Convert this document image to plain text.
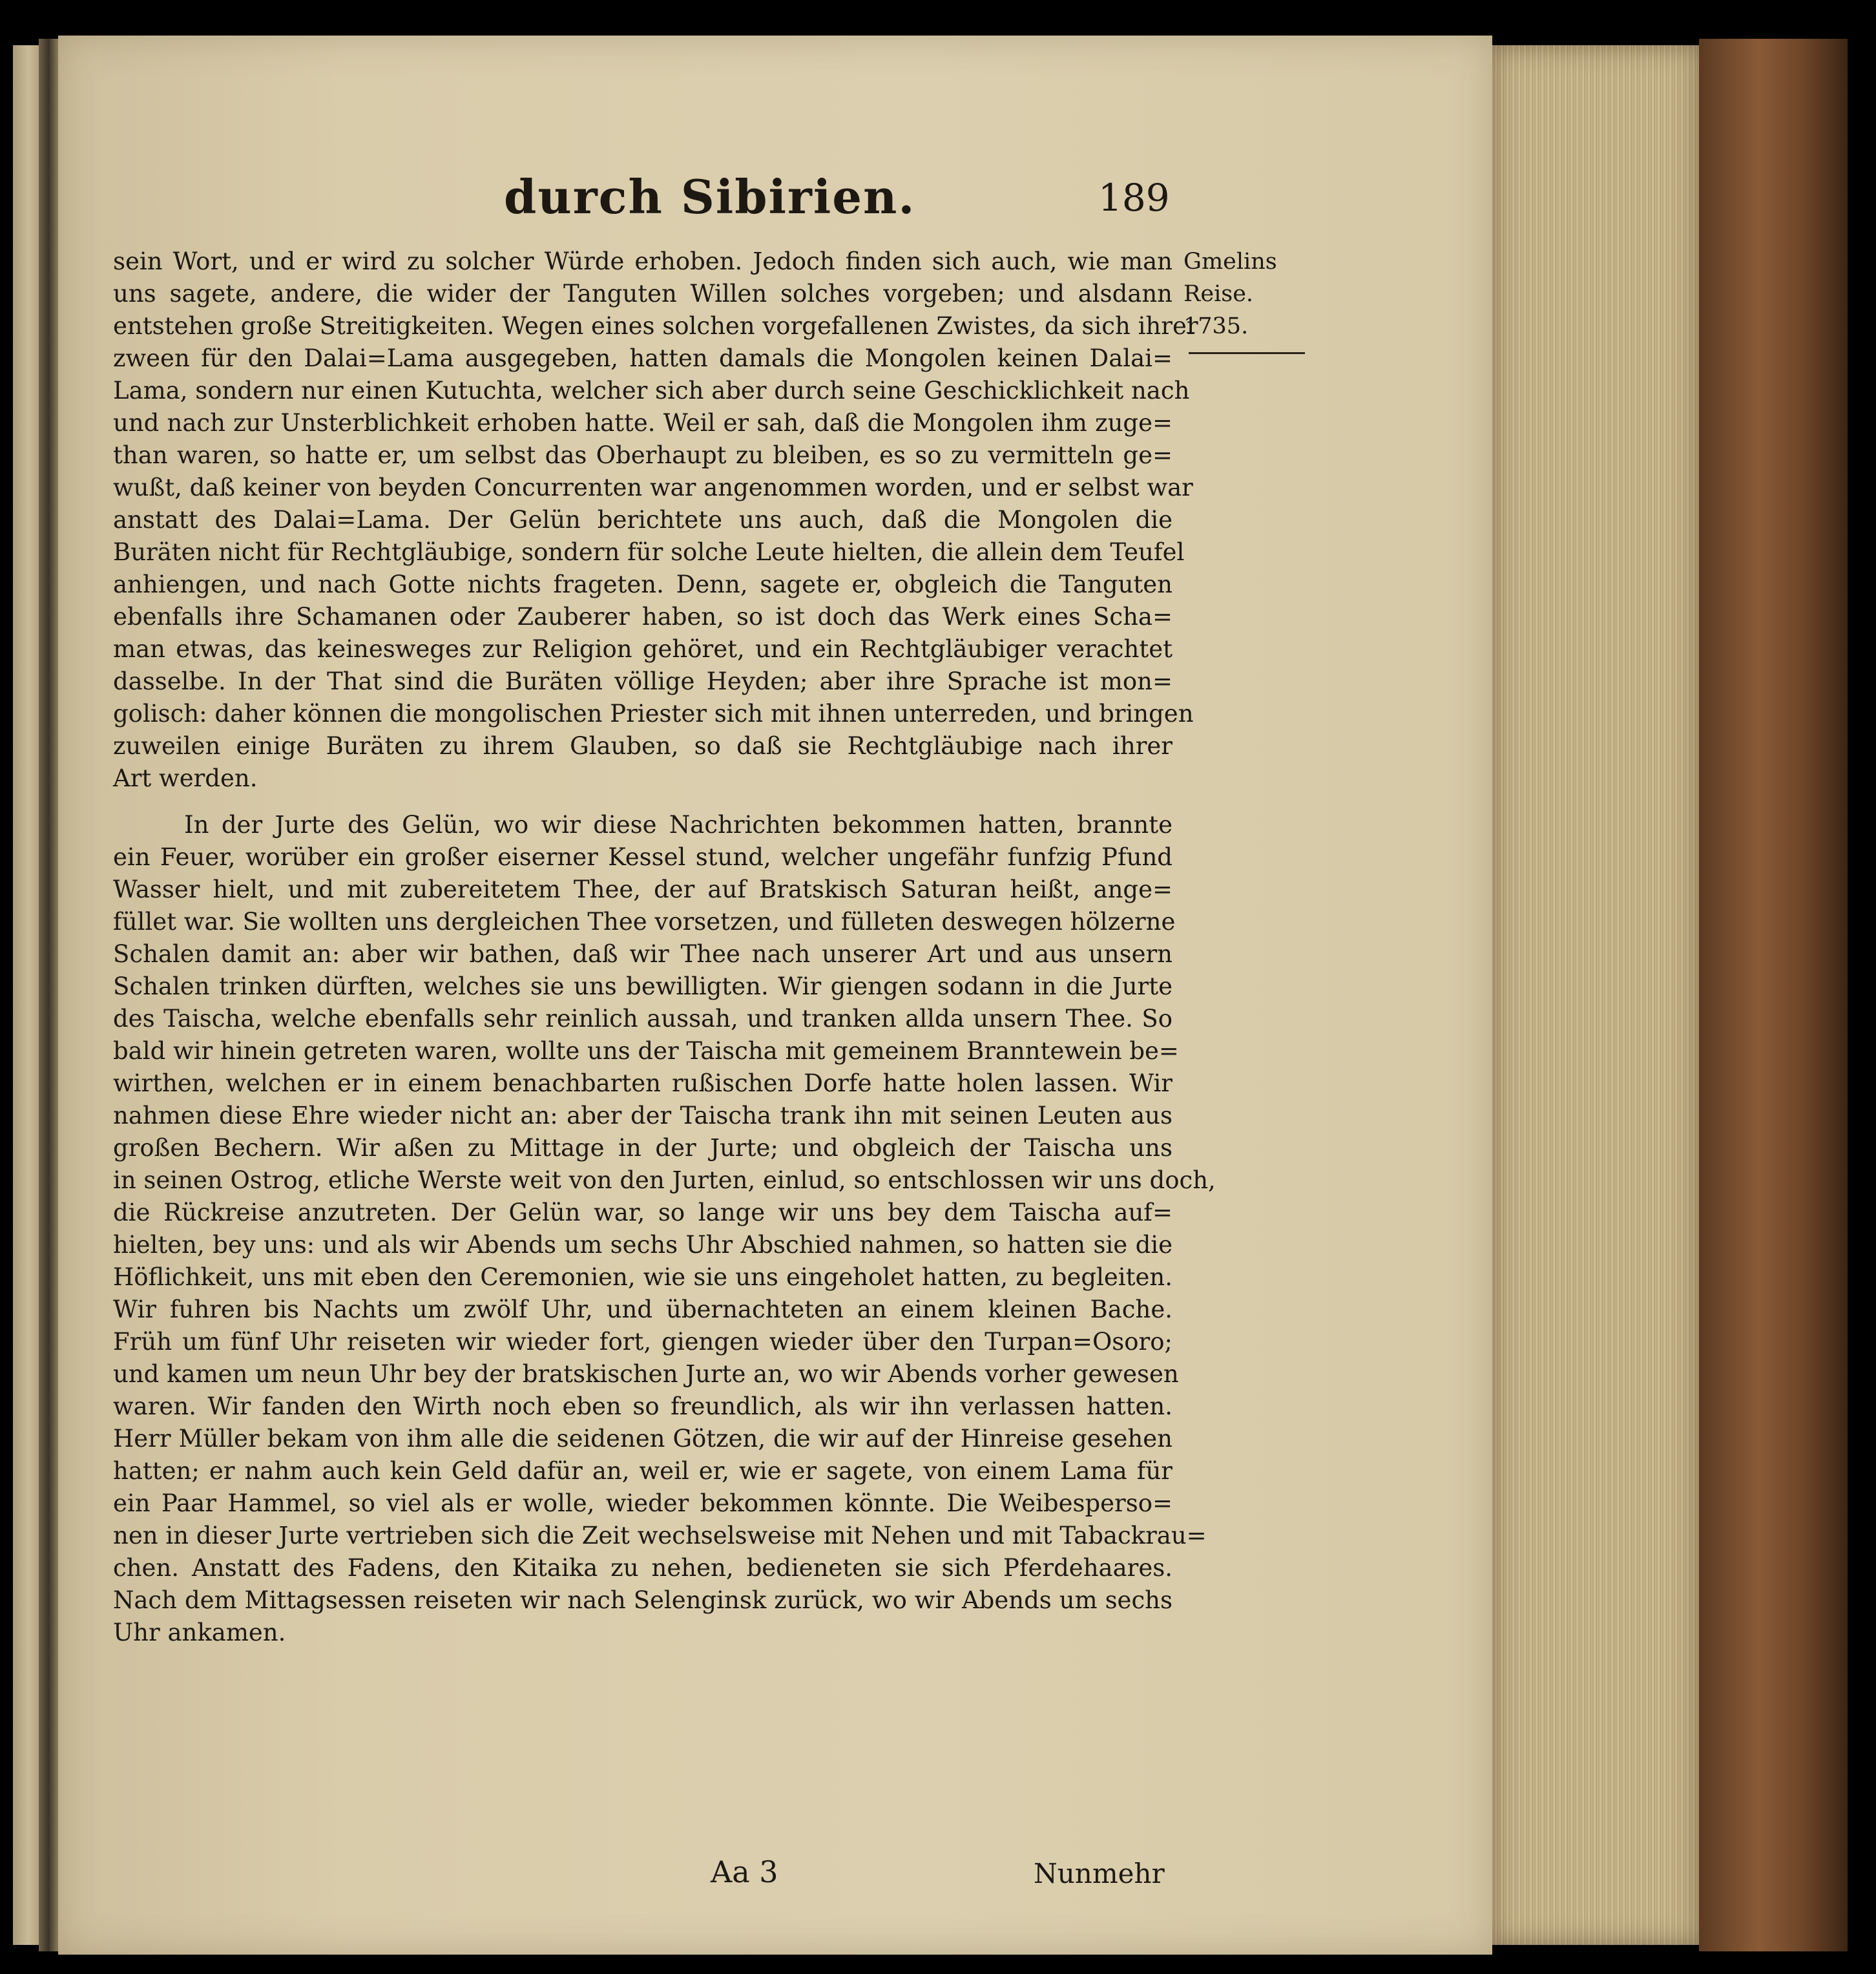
durch Sibirien.	189
Gmelins
Reise.
1735.
sein Wort, und er wird zu solcher Würde erhoben. Jedoch finden sich auch, wie man
uns sagete, andere, die wider der Tanguten Willen solches vorgeben; und alsdann
entstehen große Streitigkeiten. Wegen eines solchen vorgefallenen Zwistes, da sich ihrer
zween für den Dalai=Lama ausgegeben, hatten damals die Mongolen keinen Dalai=
Lama, sondern nur einen Kutuchta, welcher sich aber durch seine Geschicklichkeit nach
und nach zur Unsterblichkeit erhoben hatte. Weil er sah, daß die Mongolen ihm zuge=
than waren, so hatte er, um selbst das Oberhaupt zu bleiben, es so zu vermitteln ge=
wußt, daß keiner von beyden Concurrenten war angenommen worden, und er selbst war
anstatt des Dalai=Lama. Der Gelün berichtete uns auch, daß die Mongolen die
Buräten nicht für Rechtgläubige, sondern für solche Leute hielten, die allein dem Teufel
anhiengen, und nach Gotte nichts frageten. Denn, sagete er, obgleich die Tanguten
ebenfalls ihre Schamanen oder Zauberer haben, so ist doch das Werk eines Scha=
man etwas, das keinesweges zur Religion gehöret, und ein Rechtgläubiger verachtet
dasselbe. In der That sind die Buräten völlige Heyden; aber ihre Sprache ist mon=
golisch: daher können die mongolischen Priester sich mit ihnen unterreden, und bringen
zuweilen einige Buräten zu ihrem Glauben, so daß sie Rechtgläubige nach ihrer
Art werden.
In der Jurte des Gelün, wo wir diese Nachrichten bekommen hatten, brannte
ein Feuer, worüber ein großer eiserner Kessel stund, welcher ungefähr funfzig Pfund
Wasser hielt, und mit zubereitetem Thee, der auf Bratskisch Saturan heißt, ange=
füllet war. Sie wollten uns dergleichen Thee vorsetzen, und fülleten deswegen hölzerne
Schalen damit an: aber wir bathen, daß wir Thee nach unserer Art und aus unsern
Schalen trinken dürften, welches sie uns bewilligten. Wir giengen sodann in die Jurte
des Taischa, welche ebenfalls sehr reinlich aussah, und tranken allda unsern Thee. So
bald wir hinein getreten waren, wollte uns der Taischa mit gemeinem Branntewein be=
wirthen, welchen er in einem benachbarten rußischen Dorfe hatte holen lassen. Wir
nahmen diese Ehre wieder nicht an: aber der Taischa trank ihn mit seinen Leuten aus
großen Bechern. Wir aßen zu Mittage in der Jurte; und obgleich der Taischa uns
in seinen Ostrog, etliche Werste weit von den Jurten, einlud, so entschlossen wir uns doch,
die Rückreise anzutreten. Der Gelün war, so lange wir uns bey dem Taischa auf=
hielten, bey uns: und als wir Abends um sechs Uhr Abschied nahmen, so hatten sie die
Höflichkeit, uns mit eben den Ceremonien, wie sie uns eingeholet hatten, zu begleiten.
Wir fuhren bis Nachts um zwölf Uhr, und übernachteten an einem kleinen Bache.
Früh um fünf Uhr reiseten wir wieder fort, giengen wieder über den Turpan=Osoro;
und kamen um neun Uhr bey der bratskischen Jurte an, wo wir Abends vorher gewesen
waren. Wir fanden den Wirth noch eben so freundlich, als wir ihn verlassen hatten.
Herr Müller bekam von ihm alle die seidenen Götzen, die wir auf der Hinreise gesehen
hatten; er nahm auch kein Geld dafür an, weil er, wie er sagete, von einem Lama für
ein Paar Hammel, so viel als er wolle, wieder bekommen könnte. Die Weibesperso=
nen in dieser Jurte vertrieben sich die Zeit wechselsweise mit Nehen und mit Tabackrau=
chen. Anstatt des Fadens, den Kitaika zu nehen, bedieneten sie sich Pferdehaares.
Nach dem Mittagsessen reiseten wir nach Selenginsk zurück, wo wir Abends um sechs
Uhr ankamen.
Aa 3	Nunmehr
